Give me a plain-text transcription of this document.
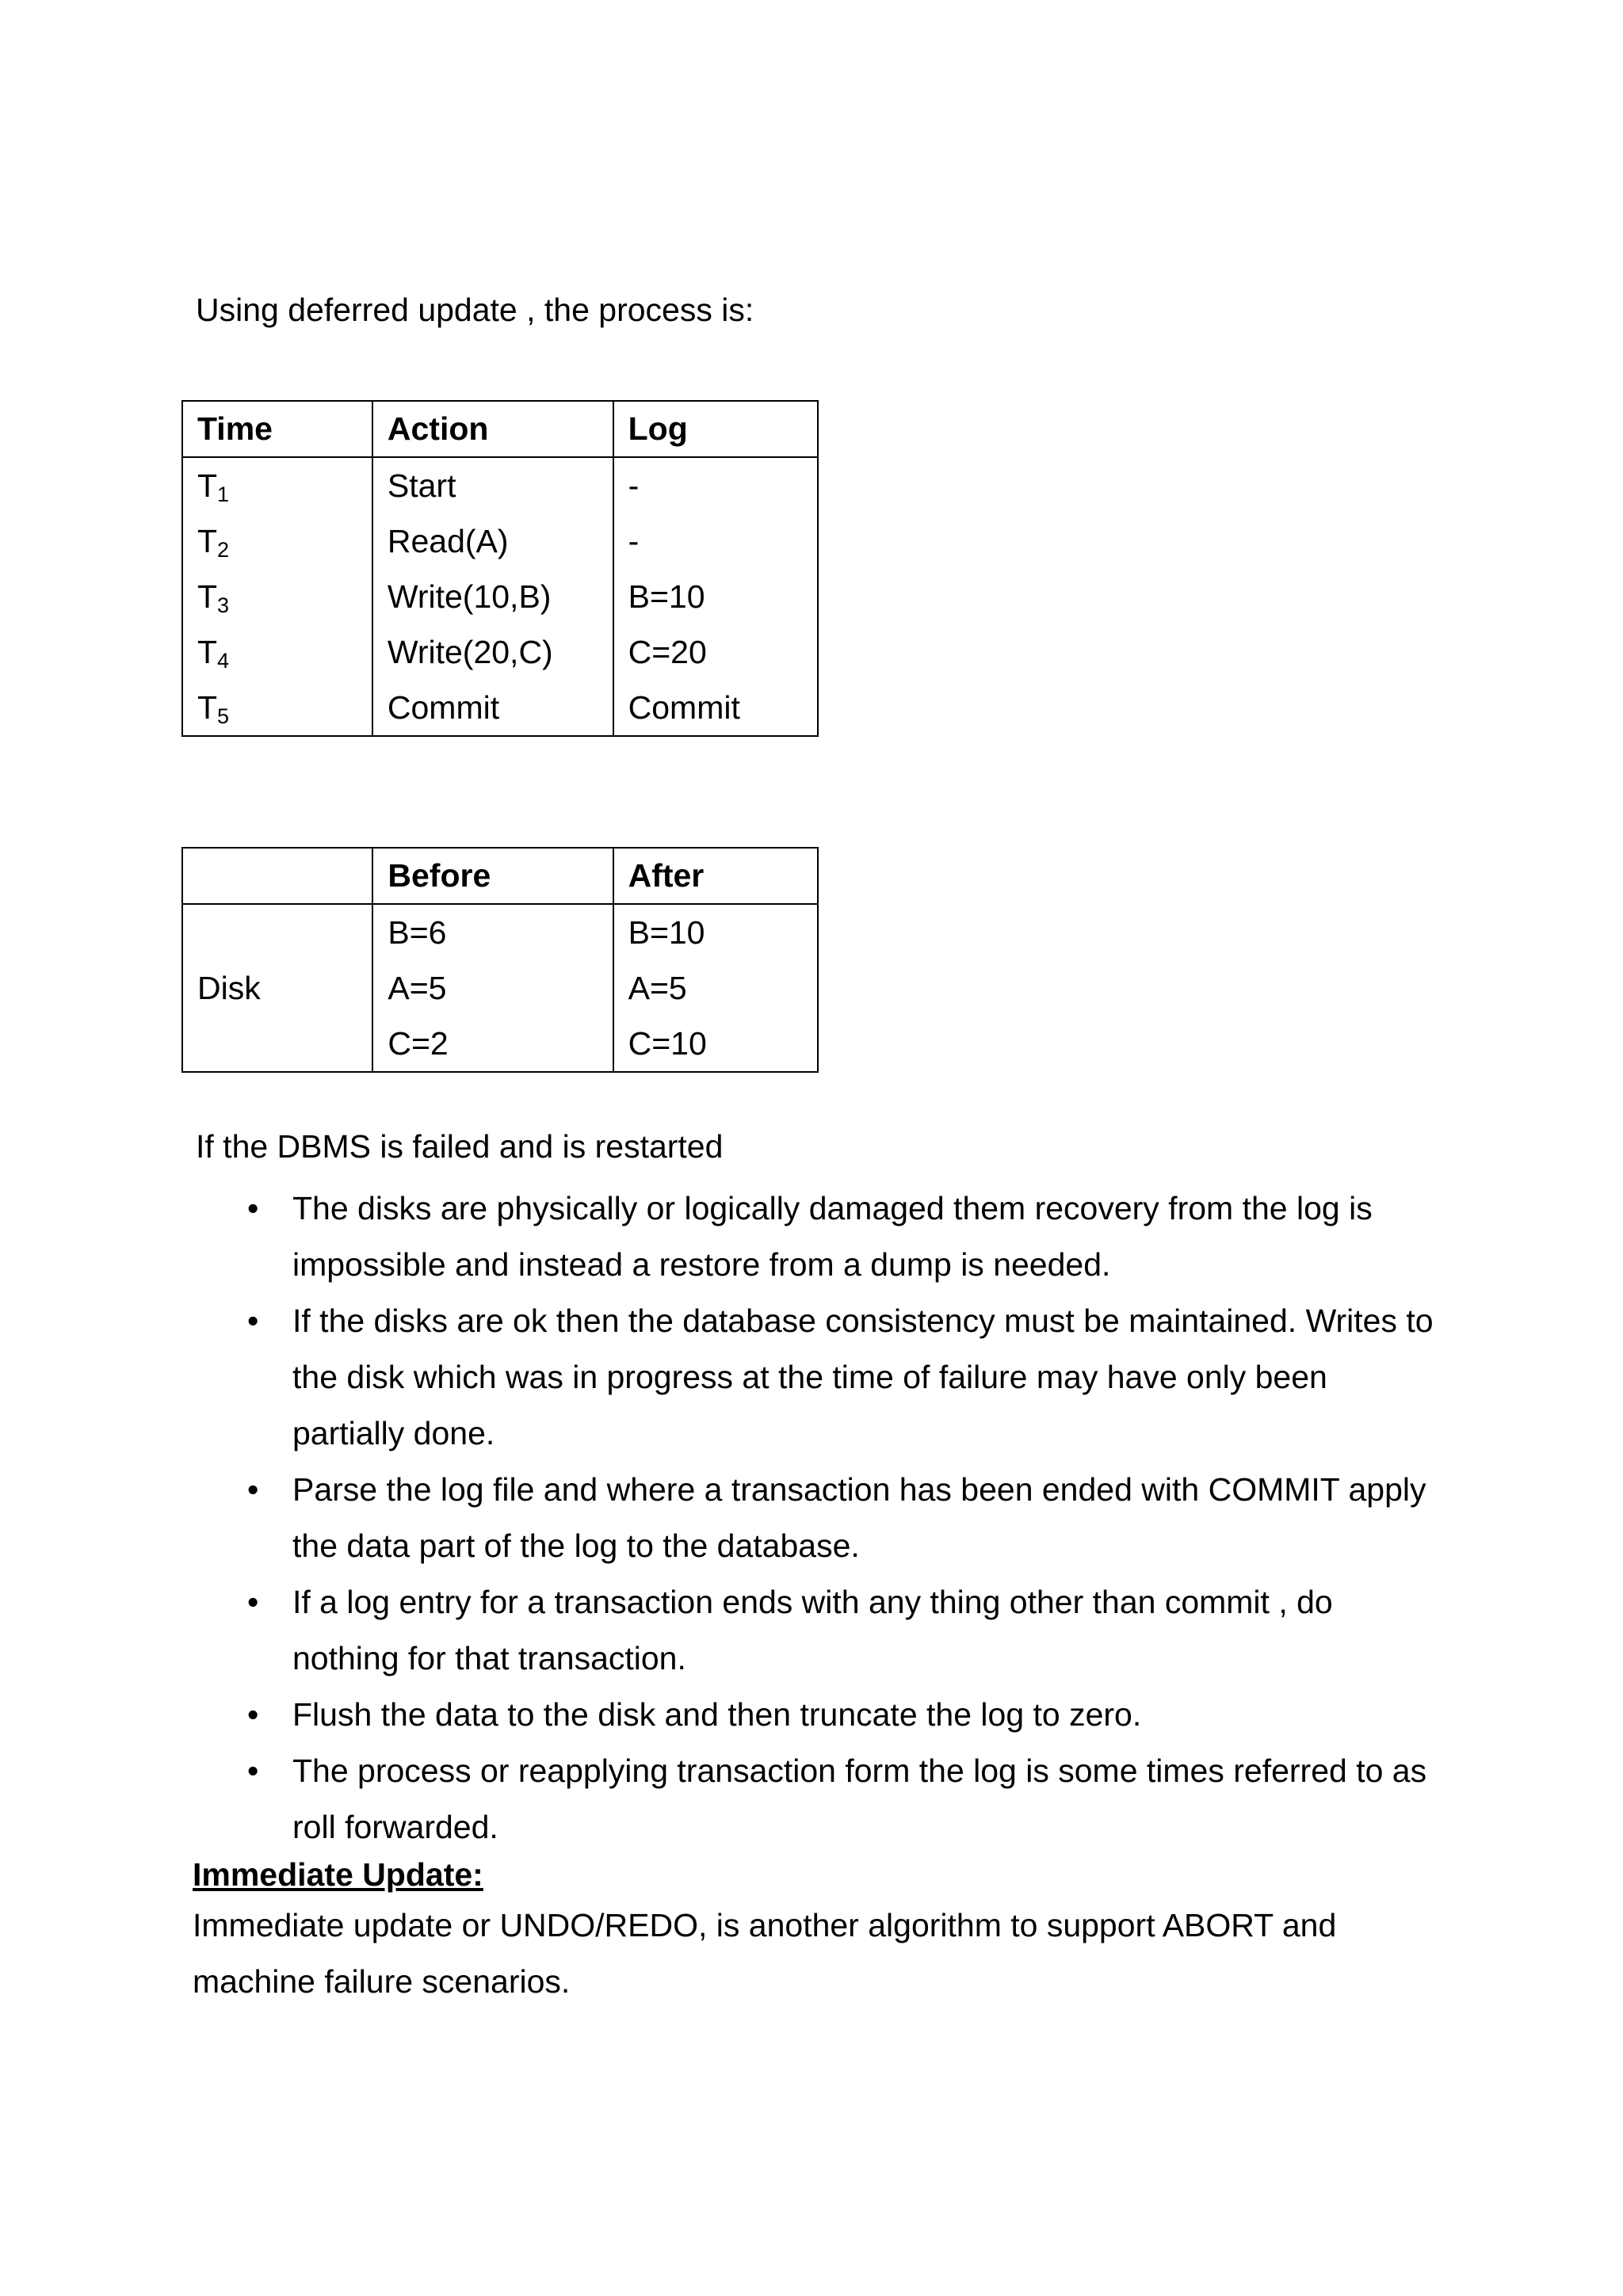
Using deferred update , the process is:
Time	Action	Log
$T_1$	Start	-
$T_2$	Read(A)	-
$T_3$	Write(10,B)	B=10
$T_4$	Write(20,C)	C=20
$T_5$	Commit	Commit
	Before	After
Disk	B=6	B=10
	A=5	A=5
	C=2	C=10
If the DBMS is failed and is restarted
• The disks are physically or logically damaged them recovery from the log is impossible and instead a restore from a dump is needed.
• If the disks are ok then the database consistency must be maintained. Writes to the disk which was in progress at the time of failure may have only been partially done.
• Parse the log file and where a transaction has been ended with COMMIT apply the data part of the log to the database.
• If a log entry for a transaction ends with any thing other than commit , do nothing for that transaction.
• Flush the data to the disk and then truncate the log to zero.
• The process or reapplying transaction form the log is some times referred to as roll forwarded.
Immediate Update:

Immediate update or UNDO/REDO, is another algorithm to support ABORT and machine failure scenarios.
